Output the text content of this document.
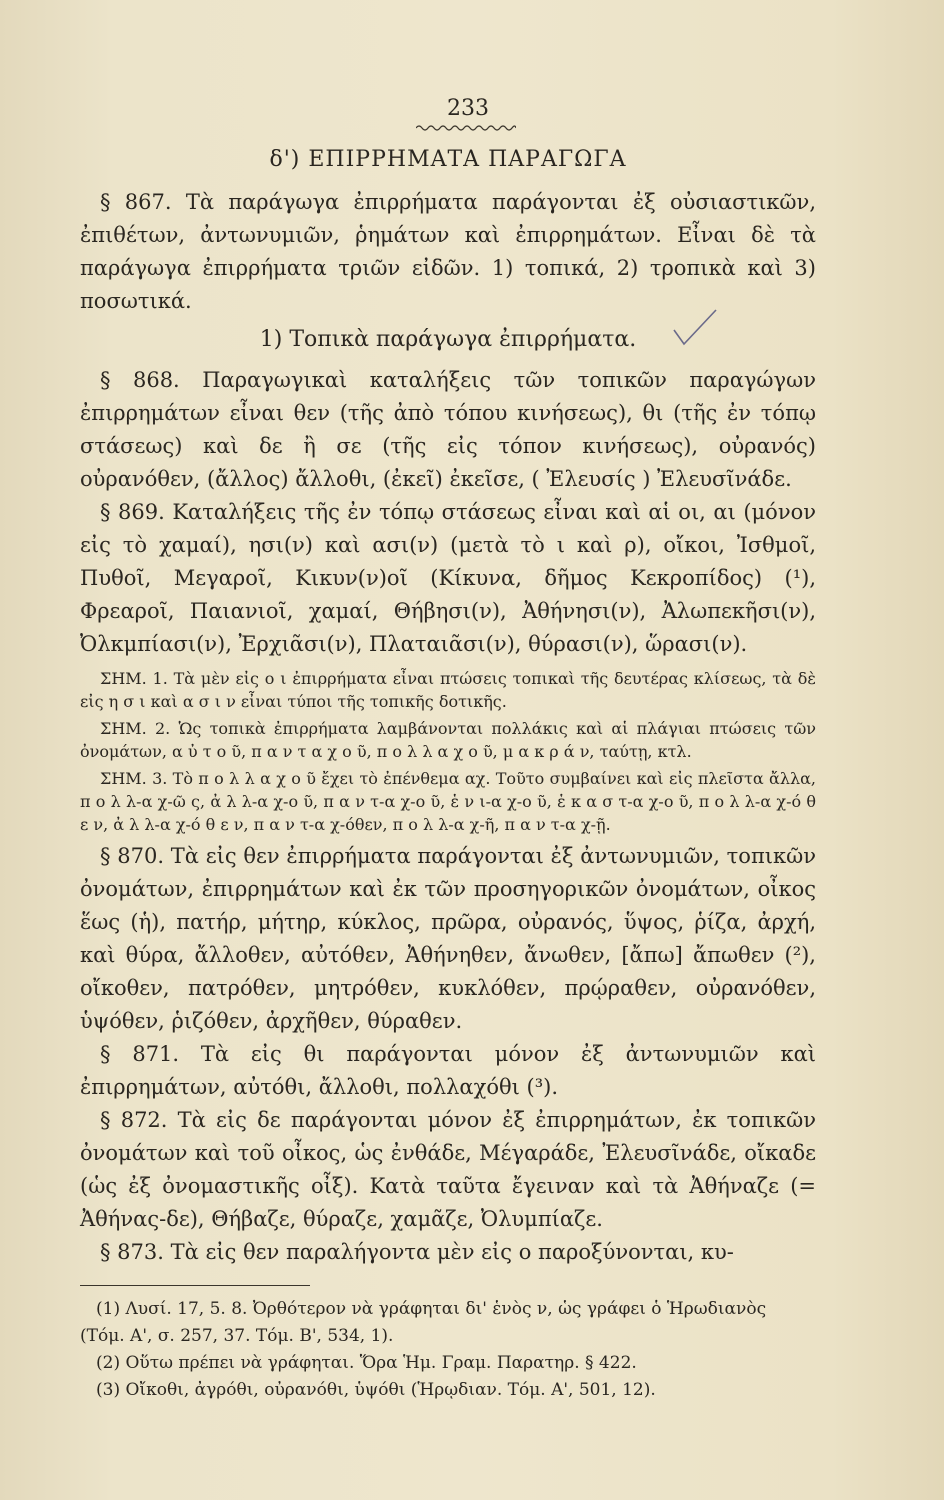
233
δ') ΕΠΙΡΡΗΜΑΤΑ ΠΑΡΑΓΩΓΑ

§ 867. Τὰ παράγωγα ἐπιρρήματα παράγονται ἐξ οὐσιαστικῶν, ἐπιθέτων, ἀντωνυμιῶν, ῥημάτων καὶ ἐπιρρημάτων. Εἶναι δὲ τὰ παράγωγα ἐπιρρήματα τριῶν εἰδῶν. 1) τοπικά, 2) τροπικὰ καὶ 3) ποσωτικά.

1) Τοπικὰ παράγωγα ἐπιρρήματα.

§ 868. Παραγωγικαὶ καταλήξεις τῶν τοπικῶν παραγώγων ἐπιρρημάτων εἶναι θεν (τῆς ἀπὸ τόπου κινήσεως), θι (τῆς ἐν τόπῳ στάσεως) καὶ δε ἢ σε (τῆς εἰς τόπον κινήσεως), οὐρανός) οὐρανόθεν, (ἄλλος) ἄλλοθι, (ἐκεῖ) ἐκεῖσε, ( Ἐλευσίς ) Ἐλευσῖνάδε.

§ 869. Καταλήξεις τῆς ἐν τόπῳ στάσεως εἶναι καὶ αἱ οι, αι (μόνον εἰς τὸ χαμαί), ησι(ν) καὶ ασι(ν) (μετὰ τὸ ι καὶ ρ), οἴκοι, Ἰσθμοῖ, Πυθοῖ, Μεγαροῖ, Κικυν(ν)οῖ (Κίκυνα, δῆμος Κεκροπίδος) (¹), Φρεαροῖ, Παιανιοῖ, χαμαί, Θήβησι(ν), Ἀθήνησι(ν), Ἀλωπεκῆσι(ν), Ὀλκμπίασι(ν), Ἐρχιᾶσι(ν), Πλαταιᾶσι(ν), θύρασι(ν), ὥρασι(ν).

ΣΗΜ. 1. Τὰ μὲν εἰς ο ι ἐπιρρήματα εἶναι πτώσεις τοπικαὶ τῆς δευτέρας κλίσεως, τὰ δὲ εἰς η σ ι καὶ α σ ι ν εἶναι τύποι τῆς τοπικῆς δοτικῆς.

ΣΗΜ. 2. Ὡς τοπικὰ ἐπιρρήματα λαμβάνονται πολλάκις καὶ αἱ πλάγιαι πτώσεις τῶν ὀνομάτων, α ὐ τ ο ῦ, π α ν τ α χ ο ῦ, π ο λ λ α χ ο ῦ, μ α κ ρ ά ν, ταύτῃ, κτλ.

ΣΗΜ. 3. Τὸ π ο λ λ α χ ο ῦ ἔχει τὸ ἐπένθεμα αχ. Τοῦτο συμβαίνει καὶ εἰς πλεῖστα ἄλλα, π ο λ λ-α χ-ῶ ς, ἀ λ λ-α χ-ο ῦ, π α ν τ-α χ-ο ῦ, ἑ ν ι-α χ-ο ῦ, ἑ κ α σ τ-α χ-ο ῦ, π ο λ λ-α χ-ό θ ε ν, ἀ λ λ-α χ-ό θ ε ν, π α ν τ-α χ-όθεν, π ο λ λ-α χ-ῆ, π α ν τ-α χ-ῇ.

§ 870. Τὰ εἰς θεν ἐπιρρήματα παράγονται ἐξ ἀντωνυμιῶν, τοπικῶν ὀνομάτων, ἐπιρρημάτων καὶ ἐκ τῶν προσηγορικῶν ὀνομάτων, οἶκος ἕως (ἡ), πατήρ, μήτηρ, κύκλος, πρῶρα, οὐρανός, ὕψος, ῥίζα, ἀρχή, καὶ θύρα, ἄλλοθεν, αὐτόθεν, Ἀθήνηθεν, ἄνωθεν, [ἄπω] ἄπωθεν (²), οἴκοθεν, πατρόθεν, μητρόθεν, κυκλόθεν, πρῴραθεν, οὐρανόθεν, ὑψόθεν, ῥιζόθεν, ἀρχῆθεν, θύραθεν.

§ 871. Τὰ εἰς θι παράγονται μόνον ἐξ ἀντωνυμιῶν καὶ ἐπιρρημάτων, αὐτόθι, ἄλλοθι, πολλαχόθι (³).

§ 872. Τὰ εἰς δε παράγονται μόνον ἐξ ἐπιρρημάτων, ἐκ τοπικῶν ὀνομάτων καὶ τοῦ οἶκος, ὡς ἐνθάδε, Μέγαράδε, Ἐλευσῖνάδε, οἴκαδε (ὡς ἐξ ὀνομαστικῆς οἶξ). Κατὰ ταῦτα ἔγειναν καὶ τὰ Ἀθήναζε (= Ἀθήνας-δε), Θήβαζε, θύραζε, χαμᾶζε, Ὀλυμπίαζε.

§ 873. Τὰ εἰς θεν παραλήγοντα μὲν εἰς ο παροξύνονται, κυ-

(1) Λυσί. 17, 5. 8. Ὀρθότερον νὰ γράφηται δι' ἑνὸς ν, ὡς γράφει ὁ Ἡρωδιανὸς (Τόμ. Α', σ. 257, 37. Τόμ. Β', 534, 1).

(2) Οὕτω πρέπει νὰ γράφηται. Ὅρα Ἡμ. Γραμ. Παρατηρ. § 422.

(3) Οἴκοθι, ἀγρόθι, οὐρανόθι, ὑψόθι (Ἡρῳδιαν. Τόμ. Α', 501, 12).
